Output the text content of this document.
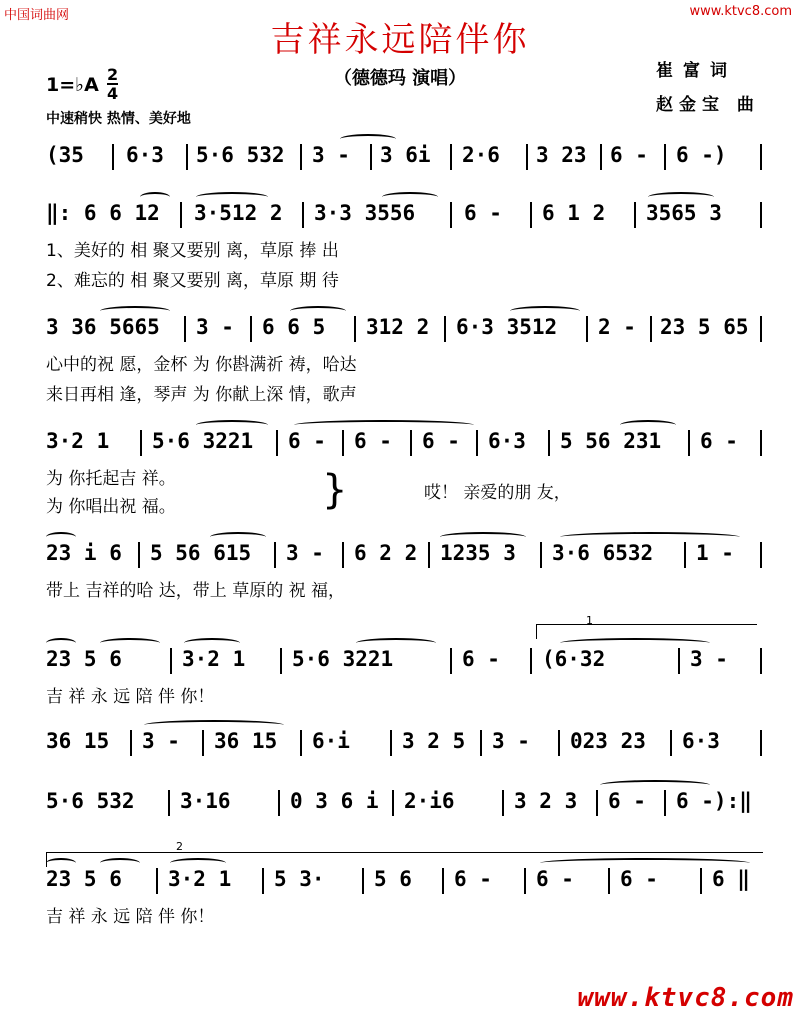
中国词曲网	www.ktvc8.com
吉祥永远陪伴你
（德德玛 演唱）	崔富词
赵金宝 曲
1=♭A 2
4
中速稍快 热情、美好地
(35 6·3 5·6 532 3 - 3 6i 2·6 3 23 6 - 6 -)
‖: 6 6 12 3·512 2 3·3 3556 6 - 6 1 2 3565 3
1、美好的 相 聚又要别 离，草原 捧 出
2、难忘的 相 聚又要别 离，草原 期 待
3 36 5665 3 - 6 6 5 312 2 6·3 3512 2 - 23 5 65
心中的祝 愿，金杯 为 你斟满祈 祷，哈达
来日再相 逢，琴声 为 你献上深 情，歌声
3·2 1 5·6 3221 6 - 6 - 6 - 6·3 5 56 231 6 -
为 你托起吉 祥。
为 你唱出祝 福。	}	哎！ 亲爱的朋 友，
23 i 6 5 56 615 3 - 6 2 2 1235 3 3·6 6532 1 -
带上 吉祥的哈 达，带上 草原的 祝 福，
23 5 6	3·2 1 5·6 3221	6 - (6·32	3 -
吉 祥 永 远 陪 伴 你！
36 15 3 - 36 15 6·i 3 2 5 3 - 023 23 6·3
5·6 532 3·16	0 3 6 i 2·i6	3 2 3 6 - 6 -):‖
23 5 6 3·2 1 5 3· 5 6 6 - 6 - 6 -	6 ‖
吉 祥 永 远 陪 伴 你！
1
2
www.ktvc8.com
